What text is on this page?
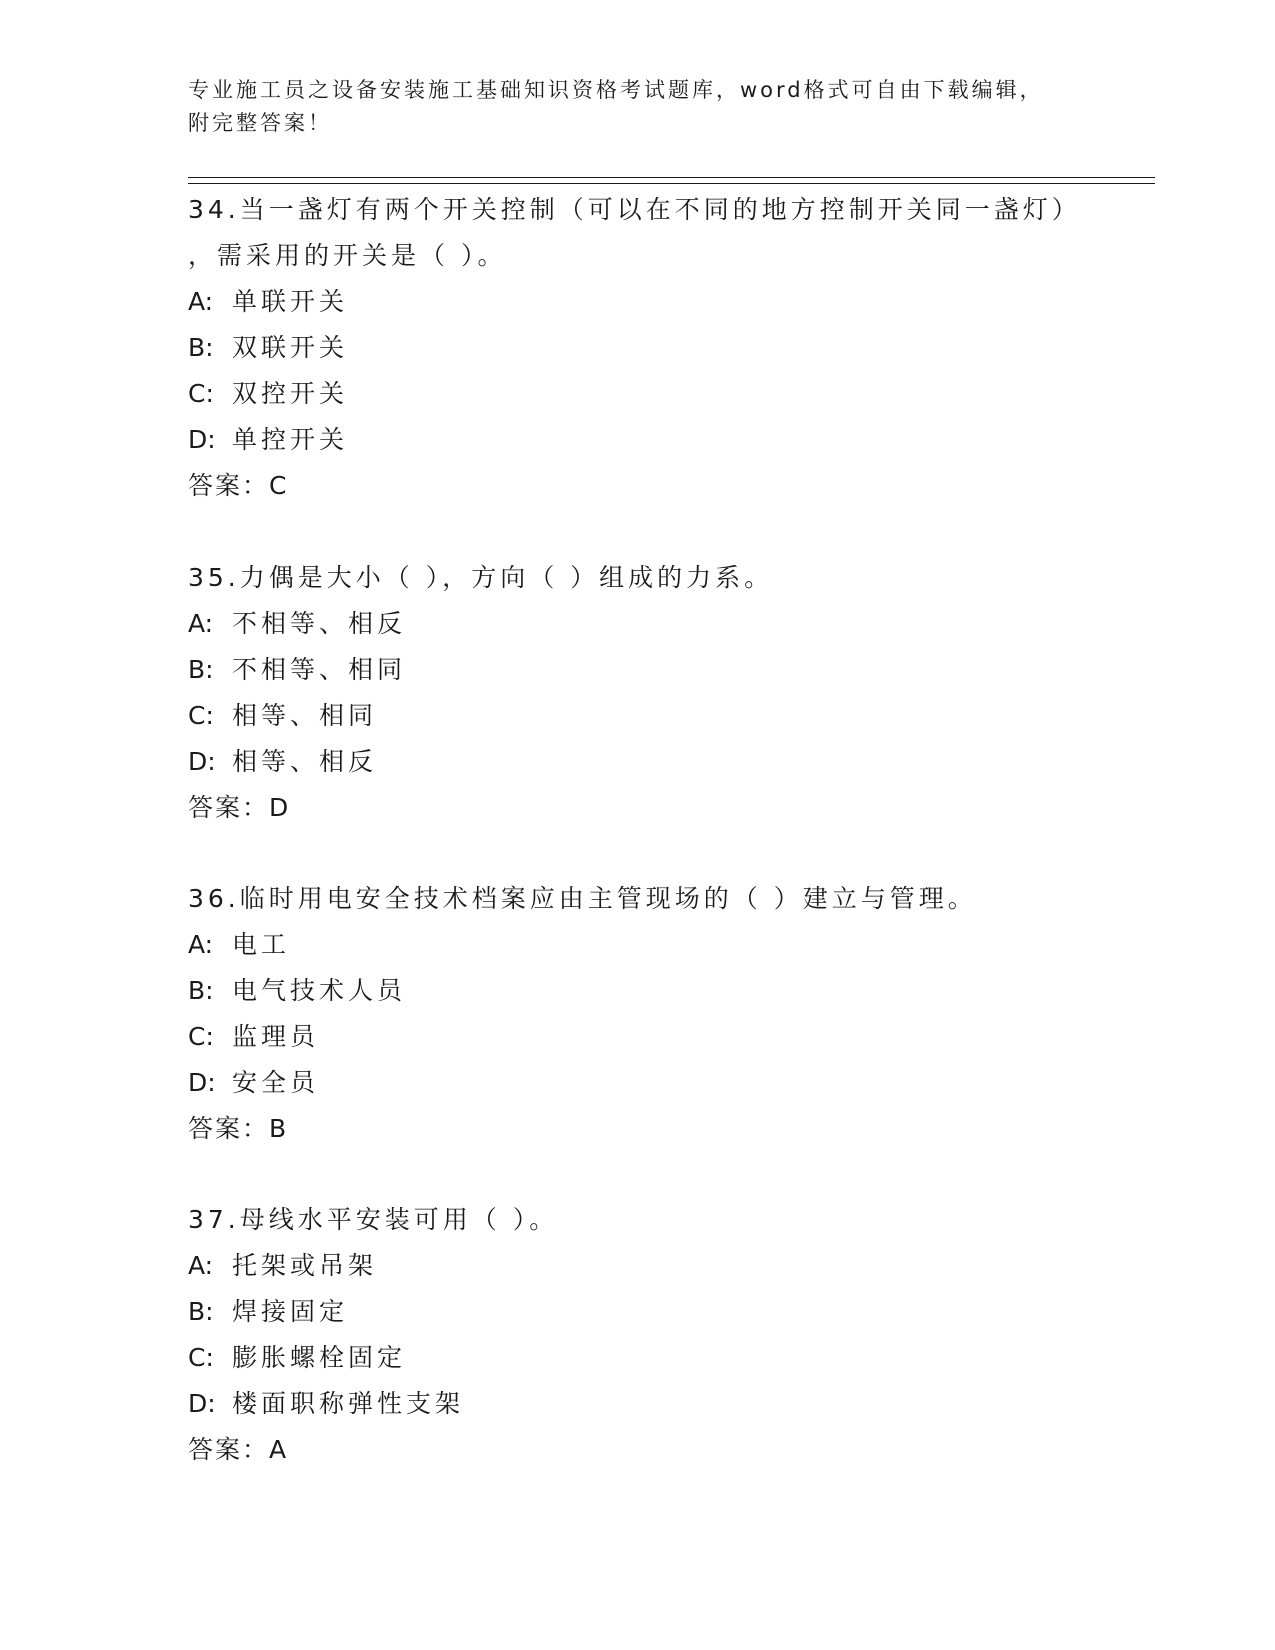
专业施工员之设备安装施工基础知识资格考试题库，word格式可自由下载编辑，
附完整答案！
34.当一盏灯有两个开关控制（可以在不同的地方控制开关同一盏灯）
，需采用的开关是（ ）。
A: 单联开关
B: 双联开关
C: 双控开关
D: 单控开关
答案：C
35.力偶是大小（ ），方向（ ）组成的力系。
A: 不相等、相反
B: 不相等、相同
C: 相等、相同
D: 相等、相反
答案：D
36.临时用电安全技术档案应由主管现场的（ ）建立与管理。
A: 电工
B: 电气技术人员
C: 监理员
D: 安全员
答案：B
37.母线水平安装可用（ ）。
A: 托架或吊架
B: 焊接固定
C: 膨胀螺栓固定
D: 楼面职称弹性支架
答案：A
